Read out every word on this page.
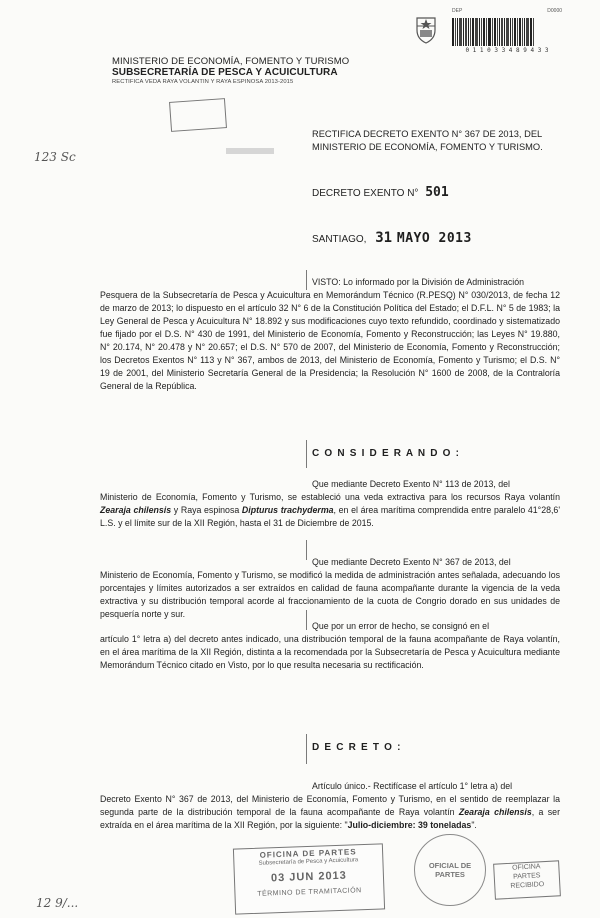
DEP	D0000
0 1 1 0 3 3 4 8 9 4 3 3
MINISTERIO DE ECONOMÍA, FOMENTO Y TURISMO
SUBSECRETARÍA DE PESCA Y ACUICULTURA
RECTIFICA VEDA RAYA VOLANTIN Y RAYA ESPINOSA 2013-2015
123 Sc
RECTIFICA DECRETO EXENTO N° 367 DE 2013, DEL
MINISTERIO DE ECONOMÍA, FOMENTO Y TURISMO.
DECRETO EXENTO N° 501
SANTIAGO, 31 MAYO 2013
VISTO: Lo informado por la División de Administración
Pesquera de la Subsecretaría de Pesca y Acuicultura en Memorándum Técnico (R.PESQ) N° 030/2013, de fecha 12 de marzo de 2013; lo dispuesto en el artículo 32 N° 6 de la Constitución Política del Estado; el D.F.L. N° 5 de 1983; la Ley General de Pesca y Acuicultura N° 18.892 y sus modificaciones cuyo texto refundido, coordinado y sistematizado fue fijado por el D.S. N° 430 de 1991, del Ministerio de Economía, Fomento y Reconstrucción; las Leyes N° 19.880, N° 20.174, N° 20.478 y N° 20.657; el D.S. N° 570 de 2007, del Ministerio de Economía, Fomento y Reconstrucción; los Decretos Exentos N° 113 y N° 367, ambos de 2013, del Ministerio de Economía, Fomento y Turismo; el D.S. N° 19 de 2001, del Ministerio Secretaría General de la Presidencia; la Resolución N° 1600 de 2008, de la Contraloría General de la República.
C O N S I D E R A N D O :
Que mediante Decreto Exento N° 113 de 2013, del
Ministerio de Economía, Fomento y Turismo, se estableció una veda extractiva para los recursos Raya volantín Zearaja chilensis y Raya espinosa Dipturus trachyderma, en el área marítima comprendida entre paralelo 41°28,6' L.S. y el límite sur de la XII Región, hasta el 31 de Diciembre de 2015.
Que mediante Decreto Exento N° 367 de 2013, del
Ministerio de Economía, Fomento y Turismo, se modificó la medida de administración antes señalada, adecuando los porcentajes y límites autorizados a ser extraídos en calidad de fauna acompañante durante la vigencia de la veda extractiva y su distribución temporal acorde al fraccionamiento de la cuota de Congrio dorado en sus unidades de pesquería norte y sur.
Que por un error de hecho, se consignó en el
artículo 1° letra a) del decreto antes indicado, una distribución temporal de la fauna acompañante de Raya volantín, en el área marítima de la XII Región, distinta a la recomendada por la Subsecretaría de Pesca y Acuicultura mediante Memorándum Técnico citado en Visto, por lo que resulta necesaria su rectificación.
D E C R E T O :
Artículo único.- Rectifícase el artículo 1° letra a) del
Decreto Exento N° 367 de 2013, del Ministerio de Economía, Fomento y Turismo, en el sentido de reemplazar la segunda parte de la distribución temporal de la fauna acompañante de Raya volantín Zearaja chilensis, a ser extraída en el área marítima de la XII Región, por la siguiente: "Julio-diciembre: 39 toneladas".
OFICINA DE PARTES
Subsecretaría de Pesca y Acuicultura
03 JUN 2013
TÉRMINO DE TRAMITACIÓN
OFICIAL DE PARTES
OFICINA
PARTES
RECIBIDO
12 9/...
